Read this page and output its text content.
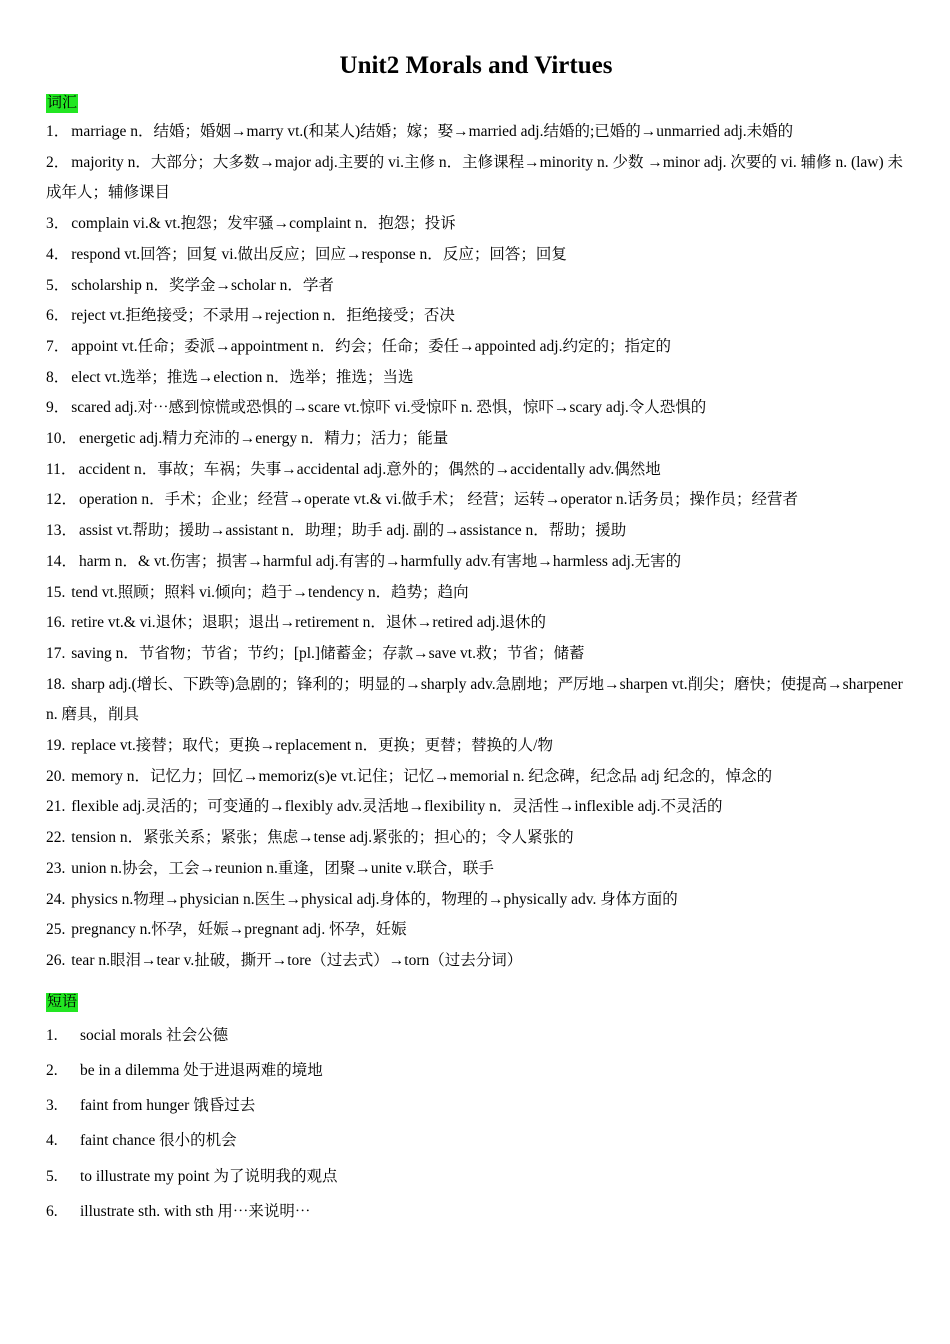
Unit2 Morals and Virtues
词汇
1． marriage n．结婚；婚姻→marry vt.(和某人)结婚；嫁；娶→married adj.结婚的;已婚的→unmarried adj.未婚的
2． majority n．大部分；大多数→major adj.主要的 vi.主修 n．主修课程→minority n. 少数 →minor adj. 次要的 vi. 辅修 n. (law) 未成年人；辅修课目
3． complain vi.& vt.抱怨；发牢骚→complaint n．抱怨；投诉
4． respond vt.回答；回复 vi.做出反应；回应→response n．反应；回答；回复
5． scholarship n．奖学金→scholar n．学者
6． reject vt.拒绝接受；不录用→rejection n．拒绝接受；否决
7． appoint vt.任命；委派→appointment n．约会；任命；委任→appointed adj.约定的；指定的
8． elect vt.选举；推选→election n．选举；推选；当选
9． scared adj.对⋯感到惊慌或恐惧的→scare vt.惊吓 vi.受惊吓 n. 恐惧，惊吓→scary adj.令人恐惧的
10． energetic adj.精力充沛的→energy n．精力；活力；能量
11． accident n．事故；车祸；失事→accidental adj.意外的；偶然的→accidentally adv.偶然地
12． operation n．手术；企业；经营→operate vt.& vi.做手术； 经营；运转→operator n.话务员；操作员；经营者
13． assist vt.帮助；援助→assistant n．助理；助手 adj. 副的→assistance n．帮助；援助
14． harm n．& vt.伤害；损害→harmful adj.有害的→harmfully adv.有害地→harmless adj.无害的
15. tend vt.照顾；照料 vi.倾向；趋于→tendency n．趋势；趋向
16. retire vt.& vi.退休；退职；退出→retirement n．退休→retired adj.退休的
17. saving n．节省物；节省；节约；[pl.]储蓄金；存款→save vt.救；节省；储蓄
18. sharp adj.(增长、下跌等)急剧的；锋利的；明显的→sharply adv.急剧地；严厉地→sharpen vt.削尖；磨快；使提高→sharpener n. 磨具，削具
19. replace vt.接替；取代；更换→replacement n．更换；更替；替换的人/物
20. memory n．记忆力；回忆→memoriz(s)e vt.记住；记忆→memorial n. 纪念碑，纪念品 adj 纪念的，悼念的
21. flexible adj.灵活的；可变通的→flexibly adv.灵活地→flexibility n．灵活性→inflexible adj.不灵活的
22. tension n．紧张关系；紧张；焦虑→tense adj.紧张的；担心的；令人紧张的
23. union n.协会，工会→reunion n.重逢，团聚→unite v.联合，联手
24. physics n.物理→physician n.医生→physical adj.身体的，物理的→physically adv. 身体方面的
25. pregnancy n.怀孕，妊娠→pregnant adj. 怀孕，妊娠
26. tear n.眼泪→tear v.扯破，撕开→tore（过去式）→torn（过去分词）
短语
1.	social morals 社会公德
2.	be in a dilemma 处于进退两难的境地
3.	faint from hunger 饿昏过去
4.	faint chance 很小的机会
5.	to illustrate my point 为了说明我的观点
6.	illustrate sth. with sth 用⋯来说明⋯
